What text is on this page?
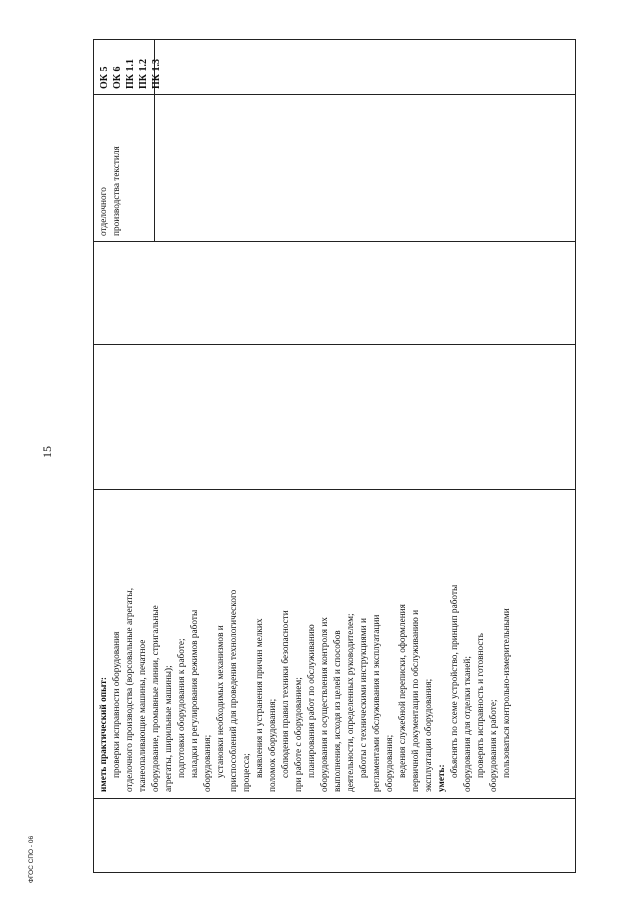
15
ФГОС СПО - 06
иметь практический опыт: проверки исправности оборудования отделочного производства (ворсовальные агрегаты, тканеопаливающие машины, печатное оборудование, промывные линии, стригальные агрегаты, ширильные машины); подготовки оборудования к работе; наладки и регулирования режимов работы оборудования; установки необходимых механизмов и приспособлений для проведения технологического процесса; выявления и устранения причин мелких поломок оборудования; соблюдения правил техники безопасности при работе с оборудованием; планирования работ по обслуживанию оборудования и осуществления контроля их выполнения, исходя из целей и способов деятельности, определенных руководителем; работы с техническими инструкциями и регламентами обслуживания и эксплуатации оборудования; ведения служебной переписки, оформления первичной документации по обслуживанию и эксплуатации оборудования; уметь:
объяснять по схеме устройство, принцип работы оборудования для отделки тканей; проверять исправность и готовность оборудования к работе; пользоваться контрольно-измерительными
отделочного производства текстиля
ОК 5 ОК 6 ПК 1.1 ПК 1.2 ПК 1.3
